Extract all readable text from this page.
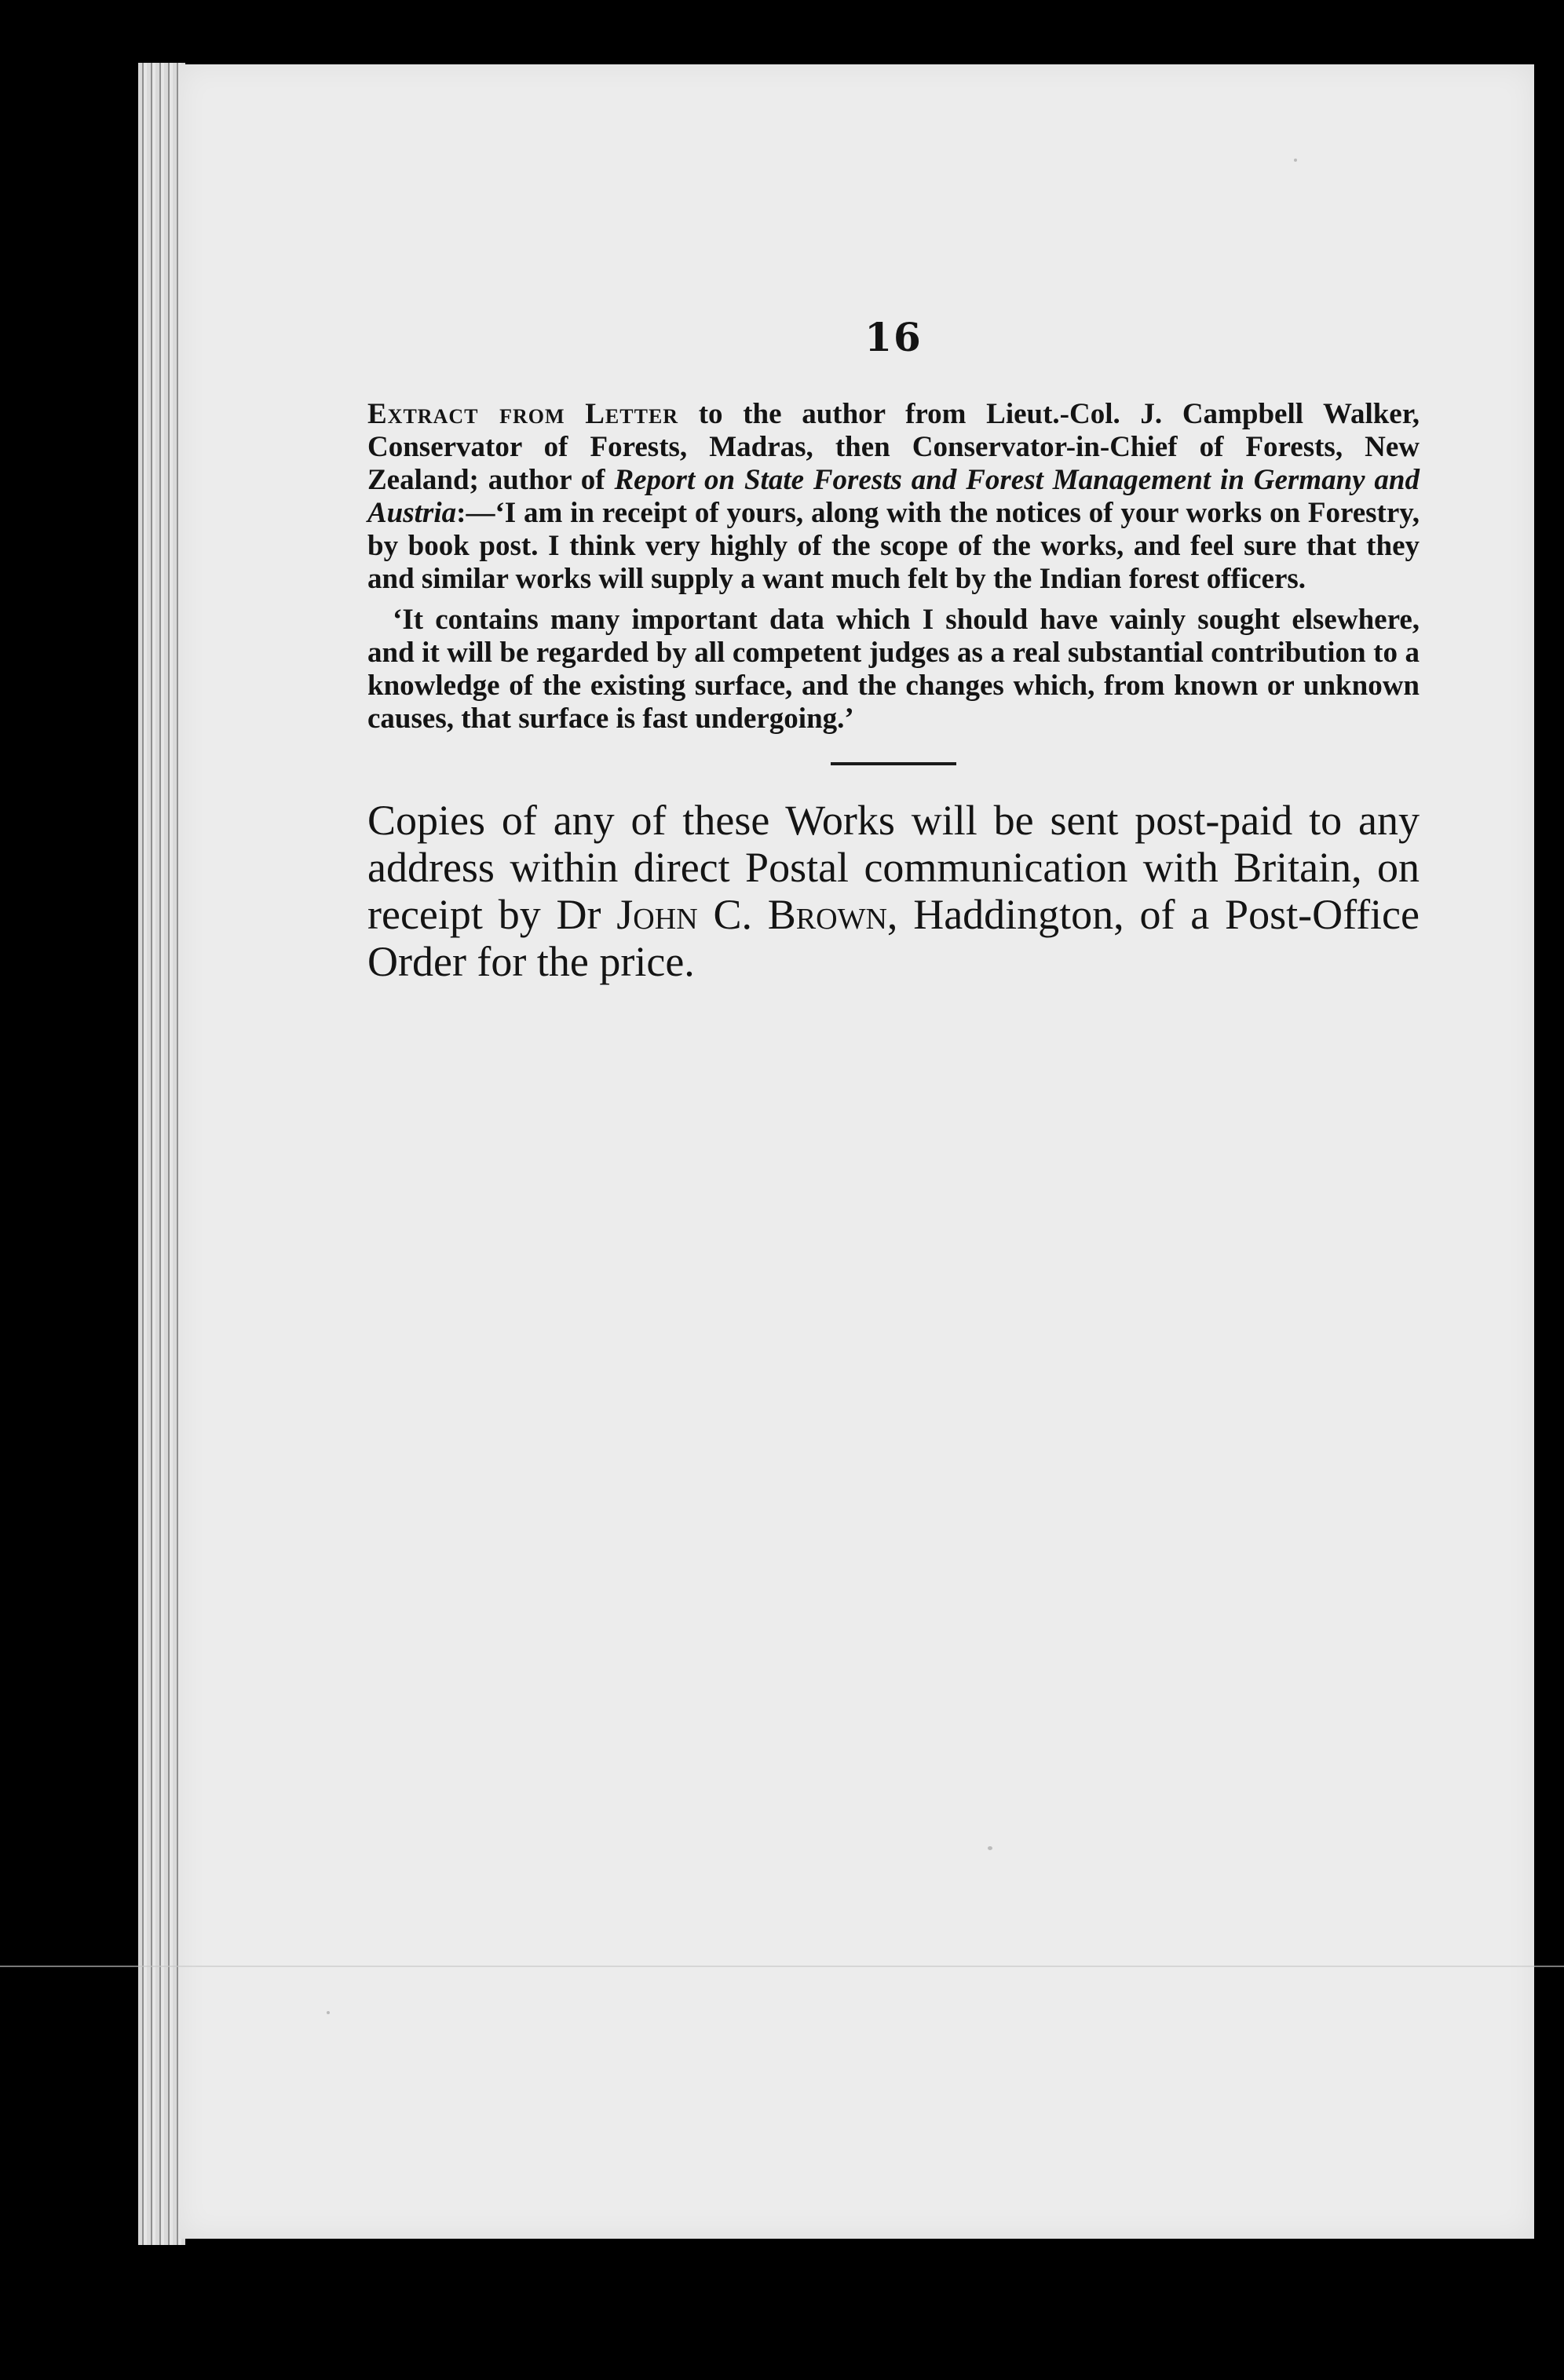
16

Extract from Letter to the author from Lieut.-Col. J. Campbell Walker, Conservator of Forests, Madras, then Conservator-in-Chief of Forests, New Zealand; author of Report on State Forests and Forest Management in Germany and Austria:—‘I am in receipt of yours, along with the notices of your works on Forestry, by book post. I think very highly of the scope of the works, and feel sure that they and similar works will supply a want much felt by the Indian forest officers.

‘It contains many important data which I should have vainly sought elsewhere, and it will be regarded by all competent judges as a real substantial contribution to a knowledge of the existing surface, and the changes which, from known or unknown causes, that surface is fast undergoing.’

Copies of any of these Works will be sent post-paid to any address within direct Postal communication with Britain, on receipt by Dr John C. Brown, Haddington, of a Post-Office Order for the price.
